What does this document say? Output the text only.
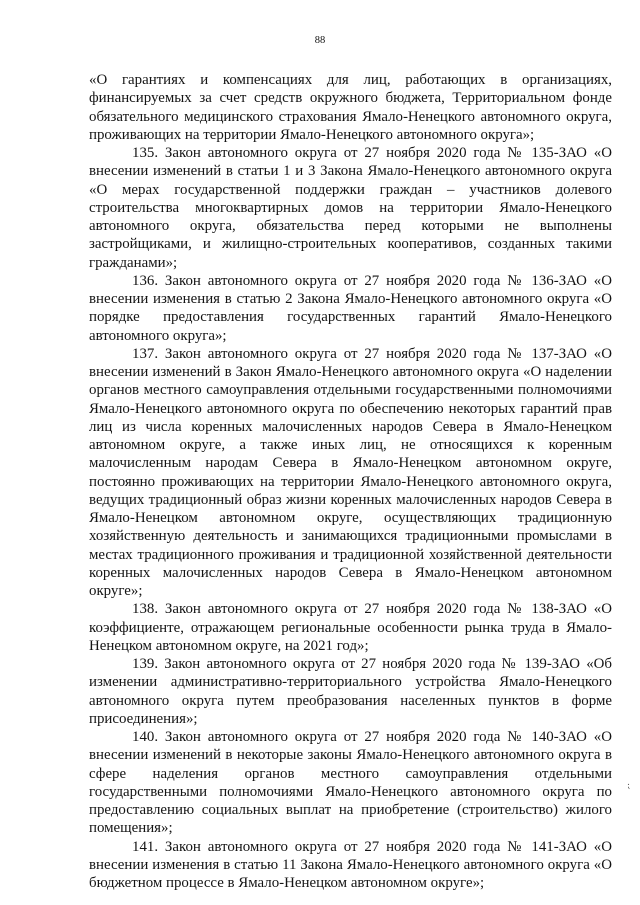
88

«О гарантиях и компенсациях для лиц, работающих в организациях, финансируемых за счет средств окружного бюджета, Территориальном фонде обязательного медицинского страхования Ямало-Ненецкого автономного округа, проживающих на территории Ямало-Ненецкого автономного округа»;

135. Закон автономного округа от 27 ноября 2020 года № 135-ЗАО «О внесении изменений в статьи 1 и 3 Закона Ямало-Ненецкого автономного округа «О мерах государственной поддержки граждан – участников долевого строительства многоквартирных домов на территории Ямало-Ненецкого автономного округа, обязательства перед которыми не выполнены застройщиками, и жилищно-строительных кооперативов, созданных такими гражданами»;

136. Закон автономного округа от 27 ноября 2020 года № 136-ЗАО «О внесении изменения в статью 2 Закона Ямало-Ненецкого автономного округа «О порядке предоставления государственных гарантий Ямало-Ненецкого автономного округа»;

137. Закон автономного округа от 27 ноября 2020 года № 137-ЗАО «О внесении изменений в Закон Ямало-Ненецкого автономного округа «О наделении органов местного самоуправления отдельными государственными полномочиями Ямало-Ненецкого автономного округа по обеспечению некоторых гарантий прав лиц из числа коренных малочисленных народов Севера в Ямало-Ненецком автономном округе, а также иных лиц, не относящихся к коренным малочисленным народам Севера в Ямало-Ненецком автономном округе, постоянно проживающих на территории Ямало-Ненецкого автономного округа, ведущих традиционный образ жизни коренных малочисленных народов Севера в Ямало-Ненецком автономном округе, осуществляющих традиционную хозяйственную деятельность и занимающихся традиционными промыслами в местах традиционного проживания и традиционной хозяйственной деятельности коренных малочисленных народов Севера в Ямало-Ненецком автономном округе»;

138. Закон автономного округа от 27 ноября 2020 года № 138-ЗАО «О коэффициенте, отражающем региональные особенности рынка труда в Ямало-Ненецком автономном округе, на 2021 год»;

139. Закон автономного округа от 27 ноября 2020 года № 139-ЗАО «Об изменении административно-территориального устройства Ямало-Ненецкого автономного округа путем преобразования населенных пунктов в форме присоединения»;

140. Закон автономного округа от 27 ноября 2020 года № 140-ЗАО «О внесении изменений в некоторые законы Ямало-Ненецкого автономного округа в сфере наделения органов местного самоуправления отдельными государственными полномочиями Ямало-Ненецкого автономного округа по предоставлению социальных выплат на приобретение (строительство) жилого помещения»;

141. Закон автономного округа от 27 ноября 2020 года № 141-ЗАО «О внесении изменения в статью 11 Закона Ямало-Ненецкого автономного округа «О бюджетном процессе в Ямало-Ненецком автономном округе»;

⁏
